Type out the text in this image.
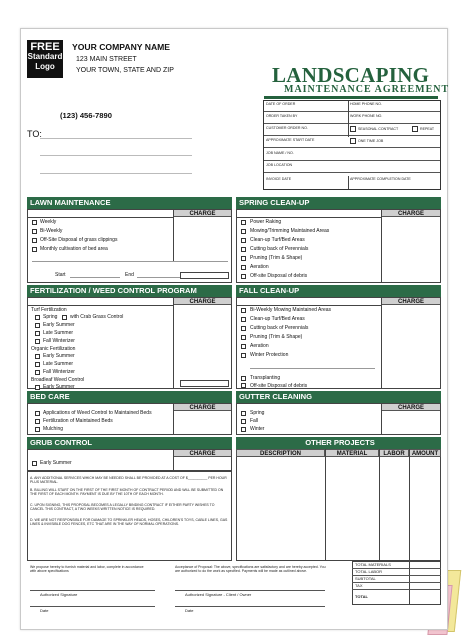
FREE
Standard
Logo
YOUR COMPANY NAME
123 MAIN STREET
YOUR TOWN, STATE AND ZIP
(123) 456-7890
TO:
LANDSCAPING
MAINTENANCE AGREEMENT
DATE OF ORDER	HOME PHONE NO.
ORDER TAKEN BY	WORK PHONE NO.
CUSTOMER ORDER NO.	SEASONAL CONTRACT	REPEAT
APPROXIMATE START DATE	ONE TIME JOB
JOB NAME / NO.
JOB LOCATION
INVOICE DATE	APPROXIMATE COMPLETION DATE
LAWN MAINTENANCE	SPRING CLEAN-UP
CHARGE	CHARGE
Weekly
Bi-Weekly
Off-Site Disposal of grass clippings
Monthly cultivation of bed area
Start	End
Power Raking
Mowing/Trimming Maintained Areas
Clean-up Turf/Bed Areas
Cutting back of Perennials
Pruning (Trim & Shape)
Aeration
Off-site Disposal of debris
FERTILIZATION / WEED CONTROL PROGRAM	FALL CLEAN-UP
CHARGE	CHARGE
Turf Fertilization
Spring	with Crab Grass Control
Early Summer
Late Summer
Fall Winterizer
Organic Fertilization
Early Summer
Late Summer
Fall Winterizer
Broadleaf Weed Control
Early Summer
Bi-Weekly Mowing Maintained Areas
Clean-up Turf/Bed Areas
Cutting back of Perennials
Pruning (Trim & Shape)
Aeration
Winter Protection
Transplanting
Off-site Disposal of debris
BED CARE	GUTTER CLEANING
CHARGE	CHARGE
Applications of Weed Control to Maintained Beds
Fertilization of Maintained Beds
Mulching
Spring
Fall
Winter
GRUB CONTROL	OTHER PROJECTS
CHARGE
Early Summer
DESCRIPTION	MATERIAL	LABOR	AMOUNT
A. ANY ADDITIONAL SERVICES WHICH MAY BE NEEDED SHALL BE PROVIDED AT A COST OF $__________ PER HOUR PLUS MATERIAL.
B. BILLING WILL START ON THE FIRST OF THE FIRST MONTH OF CONTRACT PERIOD AND WILL BE SUBMITTED ON THE FIRST OF EACH MONTH. PAYMENT IS DUE BY THE 10TH OF EACH MONTH.
C. UPON SIGNING, THIS PROPOSAL BECOMES A LEGALLY BINDING CONTRACT IF EITHER PARTY WISHES TO CANCEL THIS CONTRACT, A TWO WEEKS WRITTEN NOTICE IS REQUIRED.
D. WE ARE NOT RESPONSIBLE FOR DAMAGE TO SPRINKLER HEADS, HOSES, CHILDREN'S TOYS, CABLE LINES, GAS LINES & INVISIBLE DOG FENCES, ETC THAT ARE IN THE WAY OF NORMAL OPERATIONS.
We propose hereby to furnish material and labor, complete in accordance with above specifications
Acceptance of Proposal: The above, specifications are satisfactory and are hereby accepted. You are authorized to do the work as specified. Payments will be made as outlined above.
Authorized Signature
Date
Authorized Signature - Client / Owner
Date
TOTAL MATERIALS
TOTAL LABOR
SUBTOTAL
TAX
TOTAL
